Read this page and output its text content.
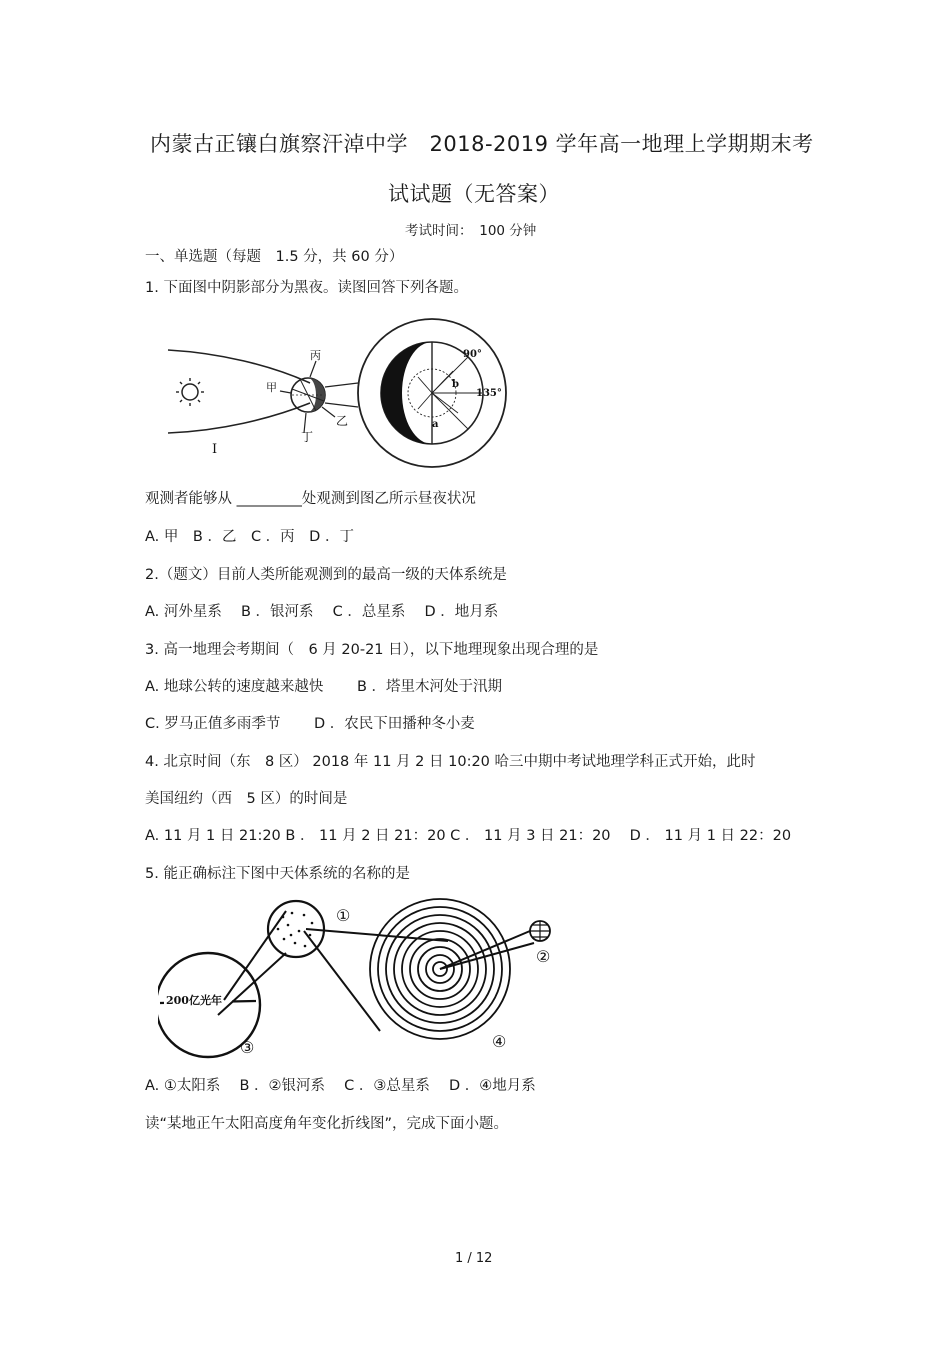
内蒙古正镶白旗察汗淖中学　2018-2019 学年高一地理上学期期末考
试试题（无答案）
考试时间：　100 分钟
一、单选题（每题　1.5 分，共 60 分）
1. 下面图中阴影部分为黑夜。读图回答下列各题。
丙
甲
乙
丁
I
90°
135°
b
a
观测者能够从 _________处观测到图乙所示昼夜状况
A. 甲　B ．乙　C ．丙　D ．丁
2.（题文）目前人类所能观测到的最高一级的天体系统是
A. 河外星系　 B ．银河系　 C ．总星系　 D ．地月系
3. 高一地理会考期间（　6 月 20-21 日），以下地理现象出现合理的是
A. 地球公转的速度越来越快　　 B ．塔里木河处于汛期
C. 罗马正值多雨季节　　 D ．农民下田播种冬小麦
4. 北京时间（东　8 区） 2018 年 11 月 2 日 10:20 哈三中期中考试地理学科正式开始，此时
美国纽约（西　5 区）的时间是
A. 11 月 1 日 21:20 B ． 11 月 2 日 21：20 C ． 11 月 3 日 21：20　 D ． 11 月 1 日 22：20
5. 能正确标注下图中天体系统的名称的是
200亿光年
①
②
③	④
A. ①太阳系　 B ．②银河系　 C ．③总星系　 D ．④地月系
读“某地正午太阳高度角年变化折线图”，完成下面小题。
1 / 12
